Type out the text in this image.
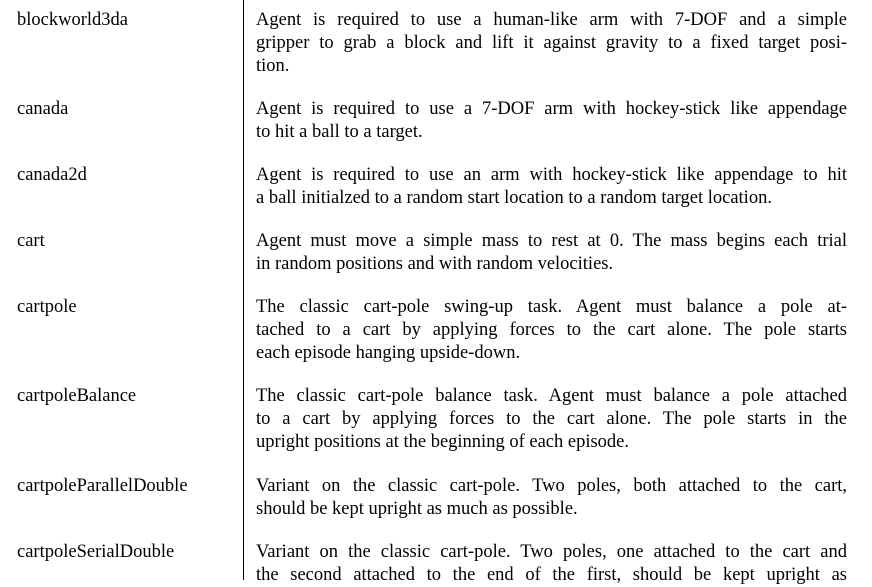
blockworld3da	Agent is required to use a human-like arm with 7-DOF and a simple
gripper to grab a block and lift it against gravity to a fixed target posi-
tion.
canada	Agent is required to use a 7-DOF arm with hockey-stick like appendage
to hit a ball to a target.
canada2d	Agent is required to use an arm with hockey-stick like appendage to hit
a ball initialzed to a random start location to a random target location.
cart	Agent must move a simple mass to rest at 0. The mass begins each trial
in random positions and with random velocities.
cartpole	The classic cart-pole swing-up task. Agent must balance a pole at-
tached to a cart by applying forces to the cart alone. The pole starts
each episode hanging upside-down.
cartpoleBalance	The classic cart-pole balance task. Agent must balance a pole attached
to a cart by applying forces to the cart alone. The pole starts in the
upright positions at the beginning of each episode.
cartpoleParallelDouble	Variant on the classic cart-pole. Two poles, both attached to the cart,
should be kept upright as much as possible.
cartpoleSerialDouble	Variant on the classic cart-pole. Two poles, one attached to the cart and
the second attached to the end of the first, should be kept upright as
